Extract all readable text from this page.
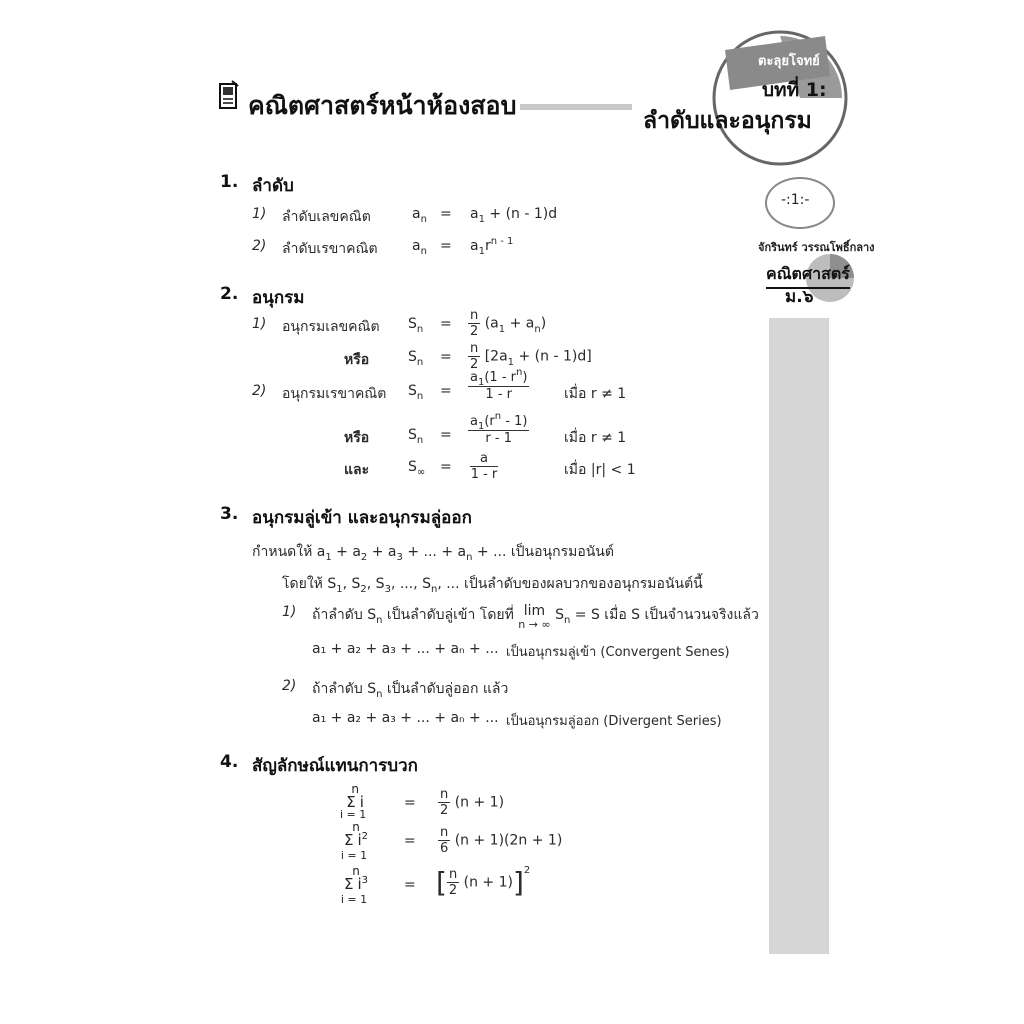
คณิตศาสตร์หน้าห้องสอบ
ตะลุยโจทย์
บทที่ 1:
ลำดับและอนุกรม
-:1:-
จักรินทร์ วรรณโพธิ์กลาง
คณิตศาสตร์
ม.๖
1. ลำดับ
1) ลำดับเลขคณิต	$a_n = a_1 + (n - 1)d$
2) ลำดับเรขาคณิต $a_n = a_1r^{n - 1}$
2. อนุกรม
1) อนุกรมเลขคณิต $S_n = \frac{n}{2} (a_1 + a_n)$
หรือ	$S_n = \frac{n}{2} [2a_1 + (n - 1)d]$
2) อนุกรมเรขาคณิต $S_n = \frac{a_1(1 - r^n)}{1 - r}$ เมื่อ r ≠ 1
หรือ	$S_n = \frac{a_1(r^n - 1)}{r - 1}$ เมื่อ r ≠ 1
และ	$S_\infty = \frac{a}{1 - r}$	เมื่อ |r| < 1
3. อนุกรมลู่เข้า และอนุกรมลู่ออก
กำหนดให้ $a_1 + a_2 + a_3$ + ... + $a_n$ + ... เป็นอนุกรมอนันต์
โดยให้ $S_1$, $S_2$, $S_3$, ..., $S_n$, ... เป็นลำดับของผลบวกของอนุกรมอนันต์นี้
1) ถ้าลำดับ $S_n$ เป็นลำดับลู่เข้า โดยที่ lim
n → ∞
$S_n = S$ เมื่อ S เป็นจำนวนจริงแล้ว
a₁ + a₂ + a₃ + ... + aₙ + ... เป็นอนุกรมลู่เข้า (Convergent Senes)
2) ถ้าลำดับ $S_n$ เป็นลำดับลู่ออก แล้ว
a₁ + a₂ + a₃ + ... + aₙ + ... เป็นอนุกรมลู่ออก (Divergent Series)
4. สัญลักษณ์แทนการบวก
n
Σ i
i = 1
= $\frac{n}{2} (n + 1)$
n
Σ $i^2$
i = 1
= $\frac{n}{6} (n + 1)(2n + 1)$
n
Σ $i^3$
i = 1
= [ $\frac{n}{2} (n + 1)]^2$
